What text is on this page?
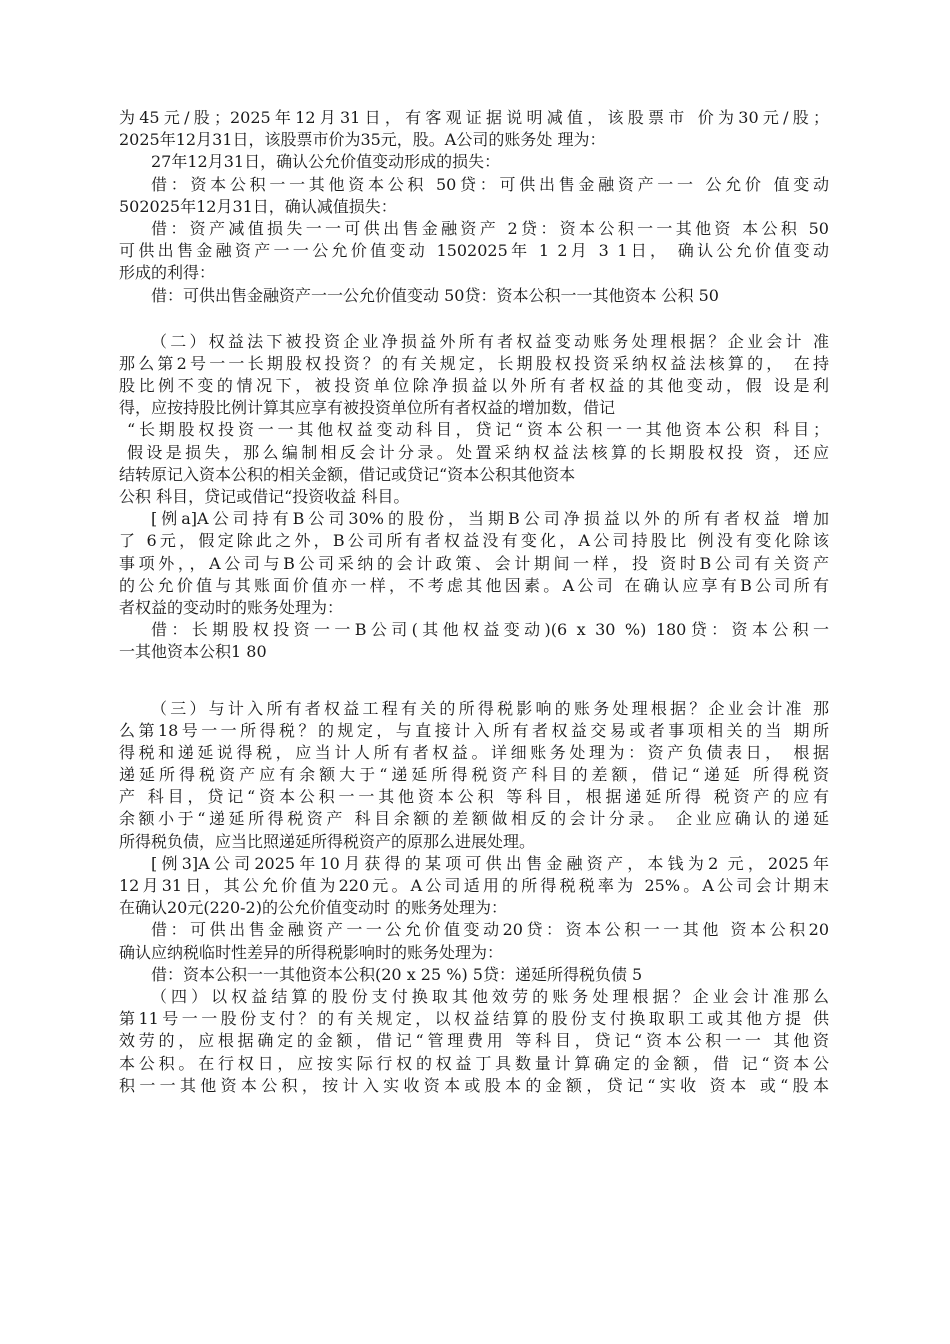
为45元/股；2025年12月31日，有客观证据说明减值，该股票市 价为30元/股；
2025年12月31日，该股票市价为35元，股。A公司的账务处 理为：
27年12月31日，确认公允价值变动形成的损失：
借：资本公积一一其他资本公积 50贷：可供出售金融资产一一 公允价 值变动
502025年12月31日，确认减值损失：
借：资产减值损失一一可供出售金融资产 2贷：资本公积一一其他资 本公积 50
可供出售金融资产一一公允价值变动 1502025年 1 2月 3 1日， 确认公允价值变动
形成的利得：
借：可供出售金融资产一一公允价值变动 50贷：资本公积一一其他资本 公积 50
（二）权益法下被投资企业净损益外所有者权益变动账务处理根据？企业会计 准
那么第2号一一长期股权投资？的有关规定，长期股权投资采纳权益法核算的， 在持
股比例不变的情况下，被投资单位除净损益以外所有者权益的其他变动，假 设是利
得，应按持股比例计算其应享有被投资单位所有者权益的增加数，借记
“长期股权投资一一其他权益变动科目，贷记“资本公积一一其他资本公积 科目；
假设是损失，那么编制相反会计分录。处置采纳权益法核算的长期股权投 资，还应
结转原记入资本公积的相关金额，借记或贷记“资本公积其他资本
公积 科目，贷记或借记“投资收益 科目。
[例a]A公司持有B公司30%的股份，当期B公司净损益以外的所有者权益 增加
了 6元，假定除此之外，B公司所有者权益没有变化，A公司持股比 例没有变化除该
事项外，，A公司与B公司采纳的会计政策、会计期间一样，投 资时B公司有关资产
的公允价值与其账面价值亦一样，不考虑其他因素。A公司 在确认应享有B公司所有
者权益的变动时的账务处理为：
借：长期股权投资一一B公司(其他权益变动)(6 x 30 %) 180贷：资本公积一
一其他资本公积1 80
（三）与计入所有者权益工程有关的所得税影响的账务处理根据？企业会计准 那
么第18号一一所得税？的规定，与直接计入所有者权益交易或者事项相关的当 期所
得税和递延说得税，应当计人所有者权益。详细账务处理为：资产负债表日， 根据
递延所得税资产应有余额大于“递延所得税资产科目的差额，借记“递延 所得税资
产 科目，贷记“资本公积一一其他资本公积 等科目，根据递延所得 税资产的应有
余额小于“递延所得税资产 科目余额的差额做相反的会计分录。 企业应确认的递延
所得税负债，应当比照递延所得税资产的原那么进展处理。
[例3]A公司2025年10月获得的某项可供出售金融资产，本钱为2 元，2025年
12月31日，其公允价值为220元。A公司适用的所得税税率为 25%。A公司会计期末
在确认20元(220-2)的公允价值变动时 的账务处理为：
借：可供出售金融资产一一公允价值变动20贷：资本公积一一其他 资本公积20
确认应纳税临时性差异的所得税影响时的账务处理为：
借：资本公积一一其他资本公积(20 x 25 %) 5贷：递延所得税负债 5
（四）以权益结算的股份支付换取其他效劳的账务处理根据？企业会计准那么
第11号一一股份支付？的有关规定，以权益结算的股份支付换取职工或其他方提 供
效劳的，应根据确定的金额，借记“管理费用 等科目，贷记“资本公积一一 其他资
本公积。在行权日，应按实际行权的权益丁具数量计算确定的金额，借 记“资本公
积一一其他资本公积，按计入实收资本或股本的金额，贷记“实收 资本 或“股本
